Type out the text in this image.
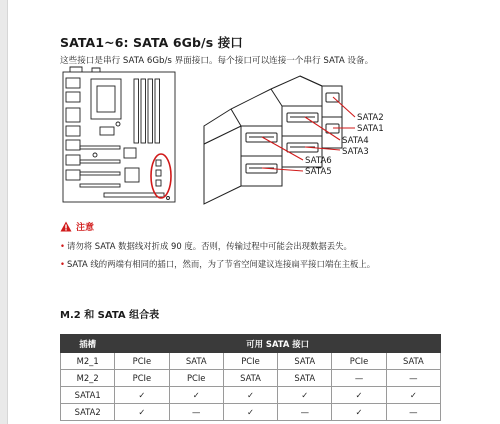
SATA1~6: SATA 6Gb/s 接口
这些接口是串行 SATA 6Gb/s 界面接口。每个接口可以连接一个串行 SATA 设备。
SATA2
SATA1
SATA4
SATA3
SATA6
SATA5
注意
• 请勿将 SATA 数据线对折成 90 度。否则，传输过程中可能会出现数据丢失。
• SATA 线的两端有相同的插口，然而，为了节省空间建议连接扁平接口端在主板上。
M.2 和 SATA 组合表
插槽	可用 SATA 接口					
M2_1	PCIe	SATA	PCIe	SATA	PCIe	SATA
M2_2	PCIe	PCIe	SATA	SATA	—	—
SATA1	✓	✓	✓	✓	✓	✓
SATA2	✓	—	✓	—	✓	—
